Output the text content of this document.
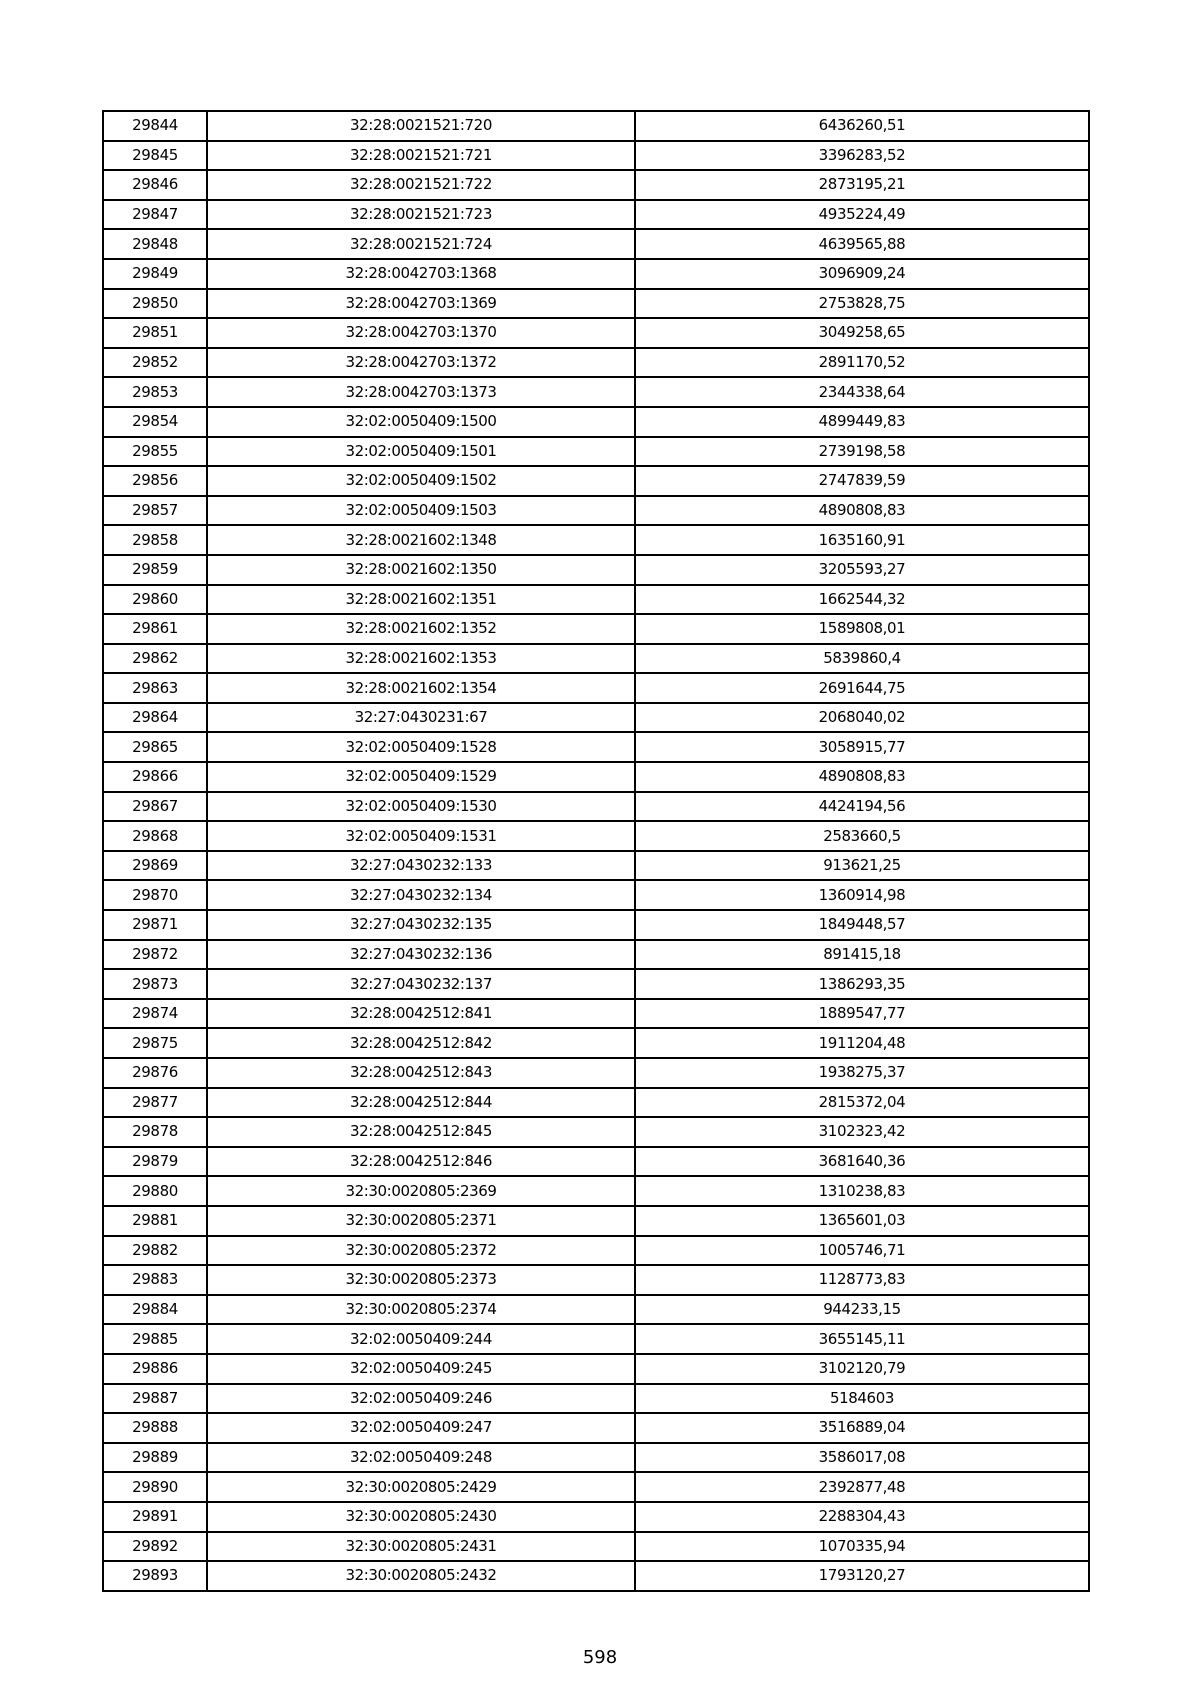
29844	32:28:0021521:720	6436260,51
29845	32:28:0021521:721	3396283,52
29846	32:28:0021521:722	2873195,21
29847	32:28:0021521:723	4935224,49
29848	32:28:0021521:724	4639565,88
29849	32:28:0042703:1368	3096909,24
29850	32:28:0042703:1369	2753828,75
29851	32:28:0042703:1370	3049258,65
29852	32:28:0042703:1372	2891170,52
29853	32:28:0042703:1373	2344338,64
29854	32:02:0050409:1500	4899449,83
29855	32:02:0050409:1501	2739198,58
29856	32:02:0050409:1502	2747839,59
29857	32:02:0050409:1503	4890808,83
29858	32:28:0021602:1348	1635160,91
29859	32:28:0021602:1350	3205593,27
29860	32:28:0021602:1351	1662544,32
29861	32:28:0021602:1352	1589808,01
29862	32:28:0021602:1353	5839860,4
29863	32:28:0021602:1354	2691644,75
29864	32:27:0430231:67	2068040,02
29865	32:02:0050409:1528	3058915,77
29866	32:02:0050409:1529	4890808,83
29867	32:02:0050409:1530	4424194,56
29868	32:02:0050409:1531	2583660,5
29869	32:27:0430232:133	913621,25
29870	32:27:0430232:134	1360914,98
29871	32:27:0430232:135	1849448,57
29872	32:27:0430232:136	891415,18
29873	32:27:0430232:137	1386293,35
29874	32:28:0042512:841	1889547,77
29875	32:28:0042512:842	1911204,48
29876	32:28:0042512:843	1938275,37
29877	32:28:0042512:844	2815372,04
29878	32:28:0042512:845	3102323,42
29879	32:28:0042512:846	3681640,36
29880	32:30:0020805:2369	1310238,83
29881	32:30:0020805:2371	1365601,03
29882	32:30:0020805:2372	1005746,71
29883	32:30:0020805:2373	1128773,83
29884	32:30:0020805:2374	944233,15
29885	32:02:0050409:244	3655145,11
29886	32:02:0050409:245	3102120,79
29887	32:02:0050409:246	5184603
29888	32:02:0050409:247	3516889,04
29889	32:02:0050409:248	3586017,08
29890	32:30:0020805:2429	2392877,48
29891	32:30:0020805:2430	2288304,43
29892	32:30:0020805:2431	1070335,94
29893	32:30:0020805:2432	1793120,27
598
